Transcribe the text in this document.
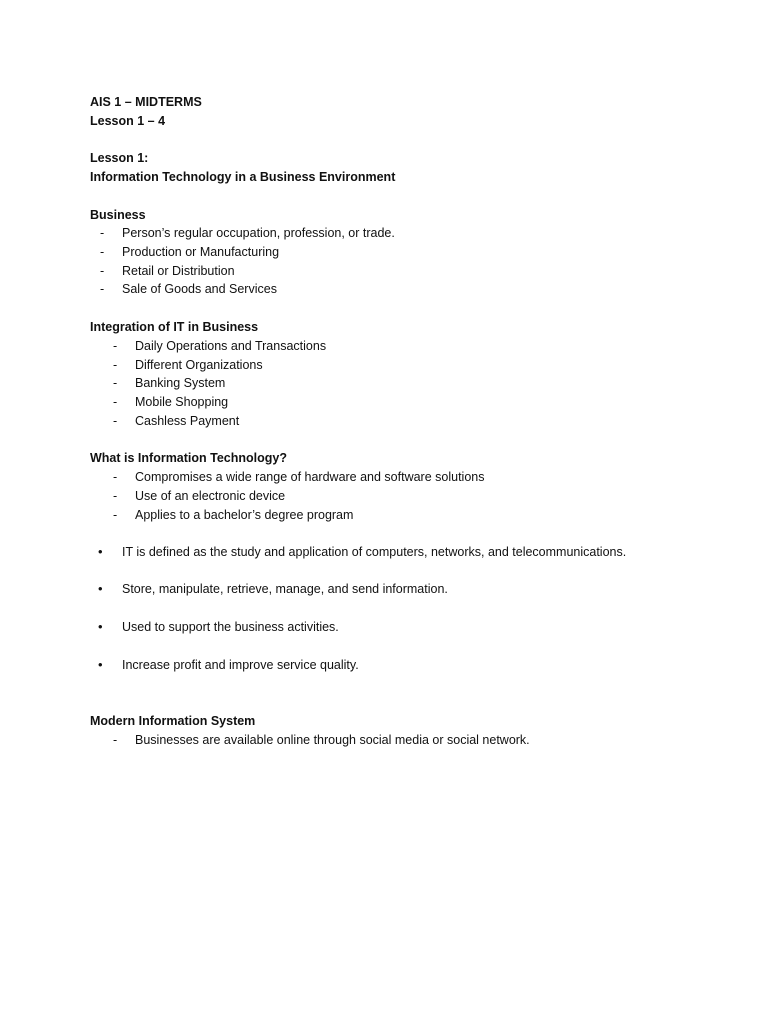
AIS 1 – MIDTERMS
Lesson 1 – 4
Lesson 1:
Information Technology in a Business Environment
Business
- Person’s regular occupation, profession, or trade.
- Production or Manufacturing
- Retail or Distribution
- Sale of Goods and Services
Integration of IT in Business
- Daily Operations and Transactions
- Different Organizations
- Banking System
- Mobile Shopping
- Cashless Payment
What is Information Technology?
- Compromises a wide range of hardware and software solutions
- Use of an electronic device
- Applies to a bachelor’s degree program
• IT is defined as the study and application of computers, networks, and telecommunications.
• Store, manipulate, retrieve, manage, and send information.
• Used to support the business activities.
• Increase profit and improve service quality.
Modern Information System
- Businesses are available online through social media or social network.
